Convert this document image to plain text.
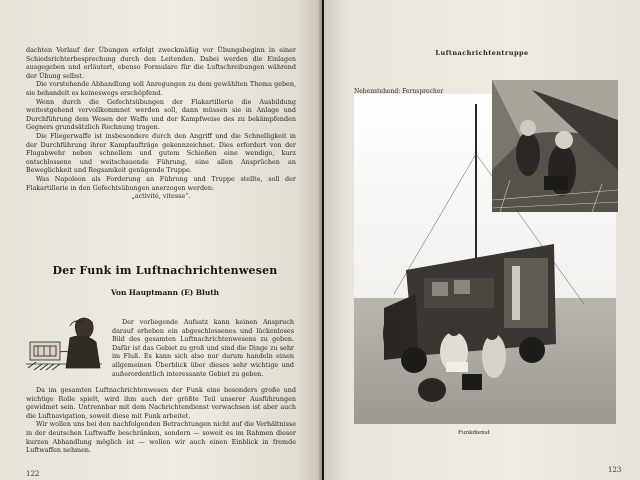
dachten Verlauf der Übungen erfolgt zweckmäßig vor Übungsbeginn in einer Schiedsrichterbesprechung durch den Leitenden. Dabei werden die Einlagen ausgegeben und erläutert, ebenso Formulare für die Luftschreibungen während der Übung selbst.

Die vorstehende Abhandlung soll Anregungen zu dem gewählten Thema geben, sie behandelt es keineswegs erschöpfend.

Wenn durch die Gefechtsübungen der Flakartillerie die Ausbildung weitestgehend vervollkommnet werden soll, dann müssen sie in Anlage und Durchführung dem Wesen der Waffe und der Kampfweise des zu bekämpfenden Gegners grundsätzlich Rechnung tragen.

Die Fliegerwaffe ist insbesondere durch den Angriff und die Schnelligkeit in der Durchführung ihrer Kampfaufträge gekennzeichnet. Dies erfordert von der Flugabwehr neben schnellem und gutem Schießen eine wendige, kurz entschlossene und weitschauende Führung, eine allen Ansprüchen an Beweglichkeit und Regsamkeit genügende Truppe.

Was Napoleon als Forderung an Führung und Truppe stellte, soll der Flakartillerie in den Gefechtsübungen anerzogen werden:

„activité, vitesse“.

Der Funk im Luftnachrichtenwesen
Von Hauptmann (E) Bluth

Der vorliegende Aufsatz kann keinen Anspruch darauf erheben ein abgeschlossenes und lückenloses Bild des gesamten Luftnachrichtenwesens zu geben. Dafür ist das Gebiet zu groß und sind die Dinge zu sehr im Fluß. Es kann sich also nur darum handeln einen allgemeinen Überblick über dieses sehr wichtige und außerordentlich interessante Gebiet zu geben.

Da im gesamten Luftnachrichtenwesen der Funk eine besonders große und wichtige Rolle spielt, wird ihm auch der größte Teil unserer Ausführungen gewidmet sein. Untrennbar mit dem Nachrichtendienst verwachsen ist aber auch die Luftnavigation, soweit diese mit Funk arbeitet.

Wir wollen uns bei den nachfolgenden Betrachtungen nicht auf die Verhältnisse in der deutschen Luftwaffe beschränken, sondern — soweit es im Rahmen dieser kurzen Abhandlung möglich ist — wollen wir auch einen Einblick in fremde Luftwaffen nehmen.

122
Luftnachrichtentruppe
Nebenstehend: Fernsprecher
Funkdienst
123
